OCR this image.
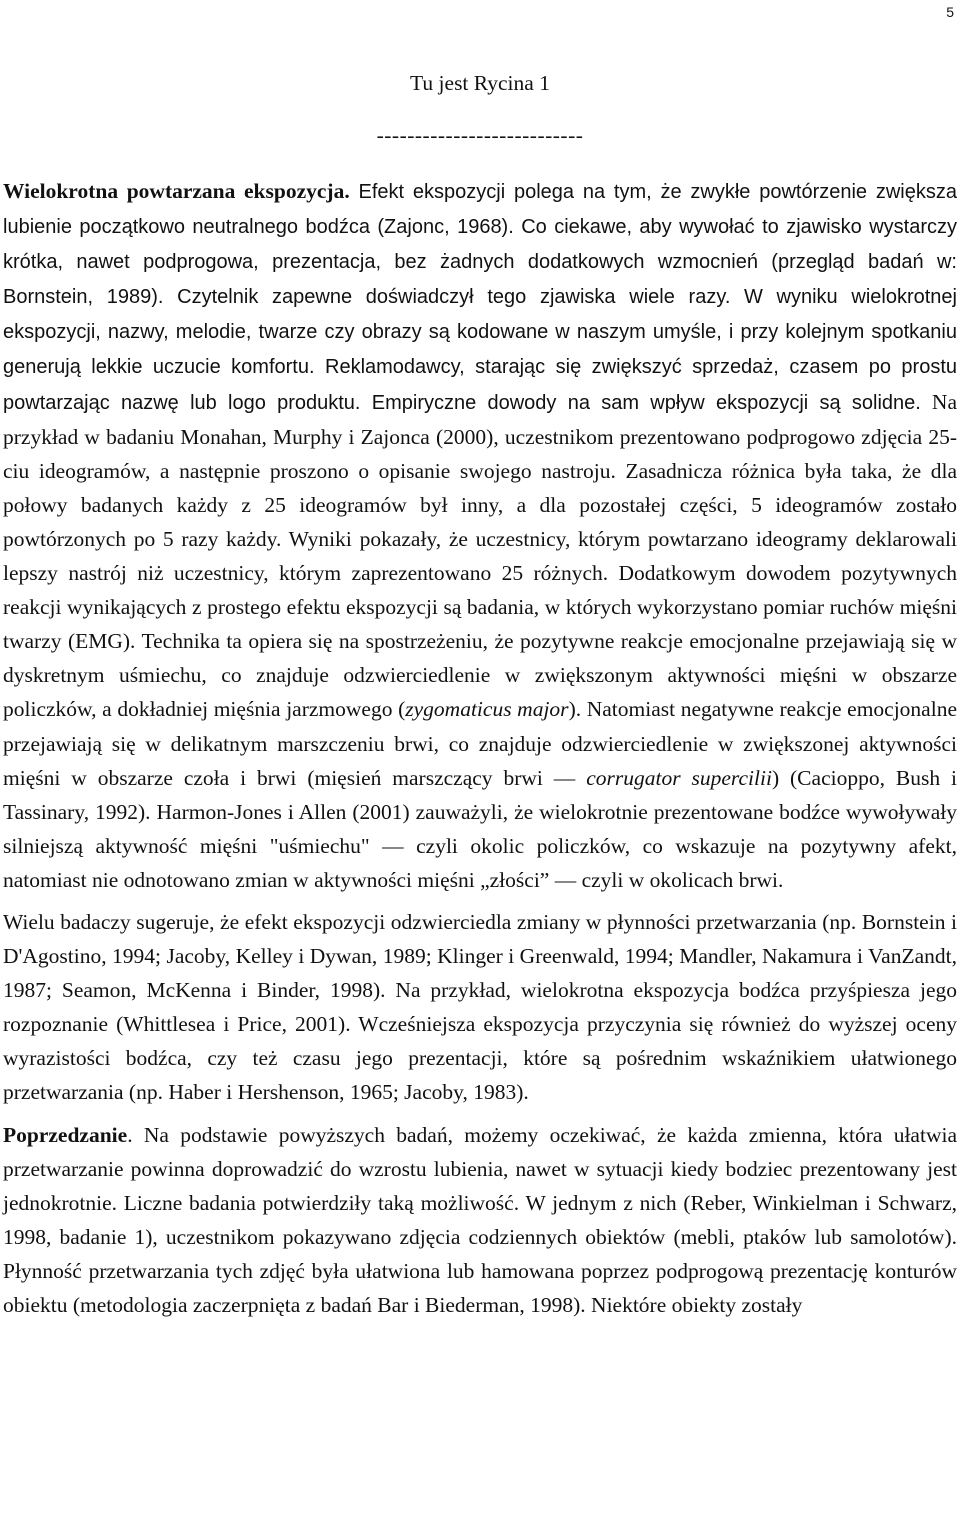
5
Tu jest Rycina 1
---------------------------

Wielokrotna powtarzana ekspozycja. Efekt ekspozycji polega na tym, że zwykłe powtórzenie zwiększa lubienie początkowo neutralnego bodźca (Zajonc, 1968). Co ciekawe, aby wywołać to zjawisko wystarczy krótka, nawet podprogowa, prezentacja, bez żadnych dodatkowych wzmocnień (przegląd badań w: Bornstein, 1989). Czytelnik zapewne doświadczył tego zjawiska wiele razy. W wyniku wielokrotnej ekspozycji, nazwy, melodie, twarze czy obrazy są kodowane w naszym umyśle, i przy kolejnym spotkaniu generują lekkie uczucie komfortu. Reklamodawcy, starając się zwiększyć sprzedaż, czasem po prostu powtarzając nazwę lub logo produktu. Empiryczne dowody na sam wpływ ekspozycji są solidne. Na przykład w badaniu Monahan, Murphy i Zajonca (2000), uczestnikom prezentowano podprogowo zdjęcia 25-ciu ideogramów, a następnie proszono o opisanie swojego nastroju. Zasadnicza różnica była taka, że dla połowy badanych każdy z 25 ideogramów był inny, a dla pozostałej części, 5 ideogramów zostało powtórzonych po 5 razy każdy. Wyniki pokazały, że uczestnicy, którym powtarzano ideogramy deklarowali lepszy nastrój niż uczestnicy, którym zaprezentowano 25 różnych. Dodatkowym dowodem pozytywnych reakcji wynikających z prostego efektu ekspozycji są badania, w których wykorzystano pomiar ruchów mięśni twarzy (EMG). Technika ta opiera się na spostrzeżeniu, że pozytywne reakcje emocjonalne przejawiają się w dyskretnym uśmiechu, co znajduje odzwierciedlenie w zwiększonym aktywności mięśni w obszarze policzków, a dokładniej mięśnia jarzmowego (zygomaticus major). Natomiast negatywne reakcje emocjonalne przejawiają się w delikatnym marszczeniu brwi, co znajduje odzwierciedlenie w zwiększonej aktywności mięśni w obszarze czoła i brwi (mięsień marszczący brwi — corrugator supercilii) (Cacioppo, Bush i Tassinary, 1992). Harmon-Jones i Allen (2001) zauważyli, że wielokrotnie prezentowane bodźce wywoływały silniejszą aktywność mięśni "uśmiechu" — czyli okolic policzków, co wskazuje na pozytywny afekt, natomiast nie odnotowano zmian w aktywności mięśni „złości” — czyli w okolicach brwi.

Wielu badaczy sugeruje, że efekt ekspozycji odzwierciedla zmiany w płynności przetwarzania (np. Bornstein i D'Agostino, 1994; Jacoby, Kelley i Dywan, 1989; Klinger i Greenwald, 1994; Mandler, Nakamura i VanZandt, 1987; Seamon, McKenna i Binder, 1998). Na przykład, wielokrotna ekspozycja bodźca przyśpiesza jego rozpoznanie (Whittlesea i Price, 2001). Wcześniejsza ekspozycja przyczynia się również do wyższej oceny wyrazistości bodźca, czy też czasu jego prezentacji, które są pośrednim wskaźnikiem ułatwionego przetwarzania (np. Haber i Hershenson, 1965; Jacoby, 1983).

Poprzedzanie. Na podstawie powyższych badań, możemy oczekiwać, że każda zmienna, która ułatwia przetwarzanie powinna doprowadzić do wzrostu lubienia, nawet w sytuacji kiedy bodziec prezentowany jest jednokrotnie. Liczne badania potwierdziły taką możliwość. W jednym z nich (Reber, Winkielman i Schwarz, 1998, badanie 1), uczestnikom pokazywano zdjęcia codziennych obiektów (mebli, ptaków lub samolotów). Płynność przetwarzania tych zdjęć była ułatwiona lub hamowana poprzez podprogową prezentację konturów obiektu (metodologia zaczerpnięta z badań Bar i Biederman, 1998). Niektóre obiekty zostały
